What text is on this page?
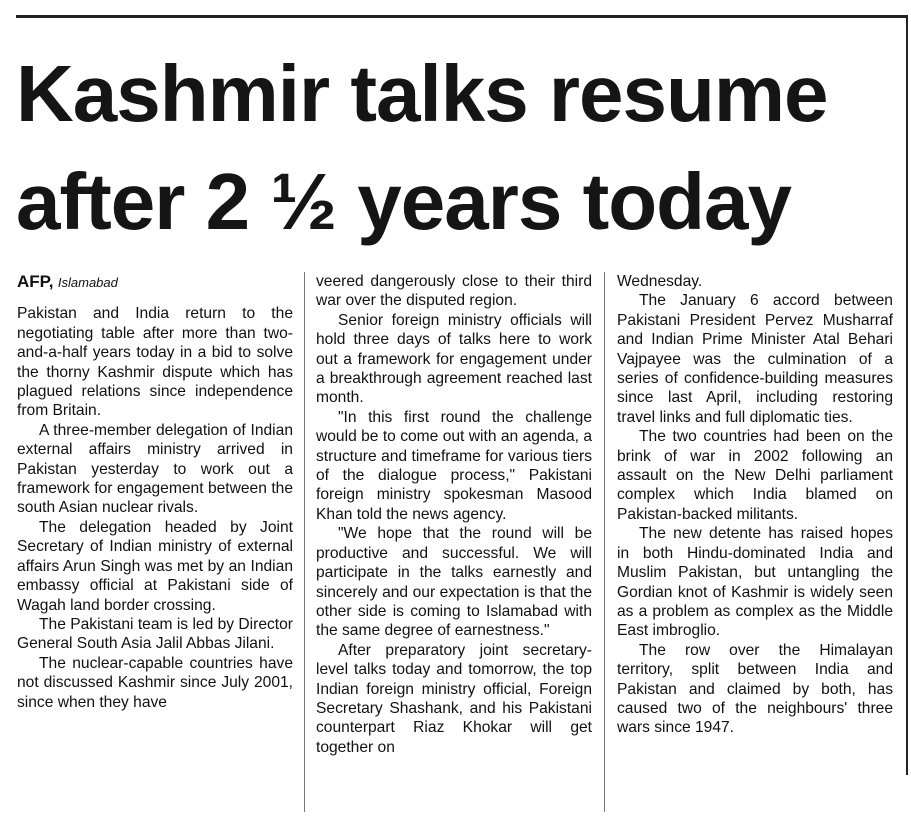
Kashmir talks resume
after 2 ½ years today
AFP, Islamabad

Pakistan and India return to the negotiating table after more than two-and-a-half years today in a bid to solve the thorny Kashmir dispute which has plagued relations since independence from Britain.

A three-member delegation of Indian external affairs ministry arrived in Pakistan yesterday to work out a framework for engagement between the south Asian nuclear rivals.

The delegation headed by Joint Secretary of Indian ministry of external affairs Arun Singh was met by an Indian embassy official at Pakistani side of Wagah land border crossing.

The Pakistani team is led by Director General South Asia Jalil Abbas Jilani.

The nuclear-capable countries have not discussed Kashmir since July 2001, since when they have

veered dangerously close to their third war over the disputed region.

Senior foreign ministry officials will hold three days of talks here to work out a framework for engagement under a breakthrough agreement reached last month.

"In this first round the challenge would be to come out with an agenda, a structure and timeframe for various tiers of the dialogue process," Pakistani foreign ministry spokesman Masood Khan told the news agency.

"We hope that the round will be productive and successful. We will participate in the talks earnestly and sincerely and our expectation is that the other side is coming to Islamabad with the same degree of earnestness."

After preparatory joint secretary-level talks today and tomorrow, the top Indian foreign ministry official, Foreign Secretary Shashank, and his Pakistani counterpart Riaz Khokar will get together on

Wednesday.

The January 6 accord between Pakistani President Pervez Musharraf and Indian Prime Minister Atal Behari Vajpayee was the culmination of a series of confidence-building measures since last April, including restoring travel links and full diplomatic ties.

The two countries had been on the brink of war in 2002 following an assault on the New Delhi parliament complex which India blamed on Pakistan-backed militants.

The new detente has raised hopes in both Hindu-dominated India and Muslim Pakistan, but untangling the Gordian knot of Kashmir is widely seen as a problem as complex as the Middle East imbroglio.

The row over the Himalayan territory, split between India and Pakistan and claimed by both, has caused two of the neighbours' three wars since 1947.
